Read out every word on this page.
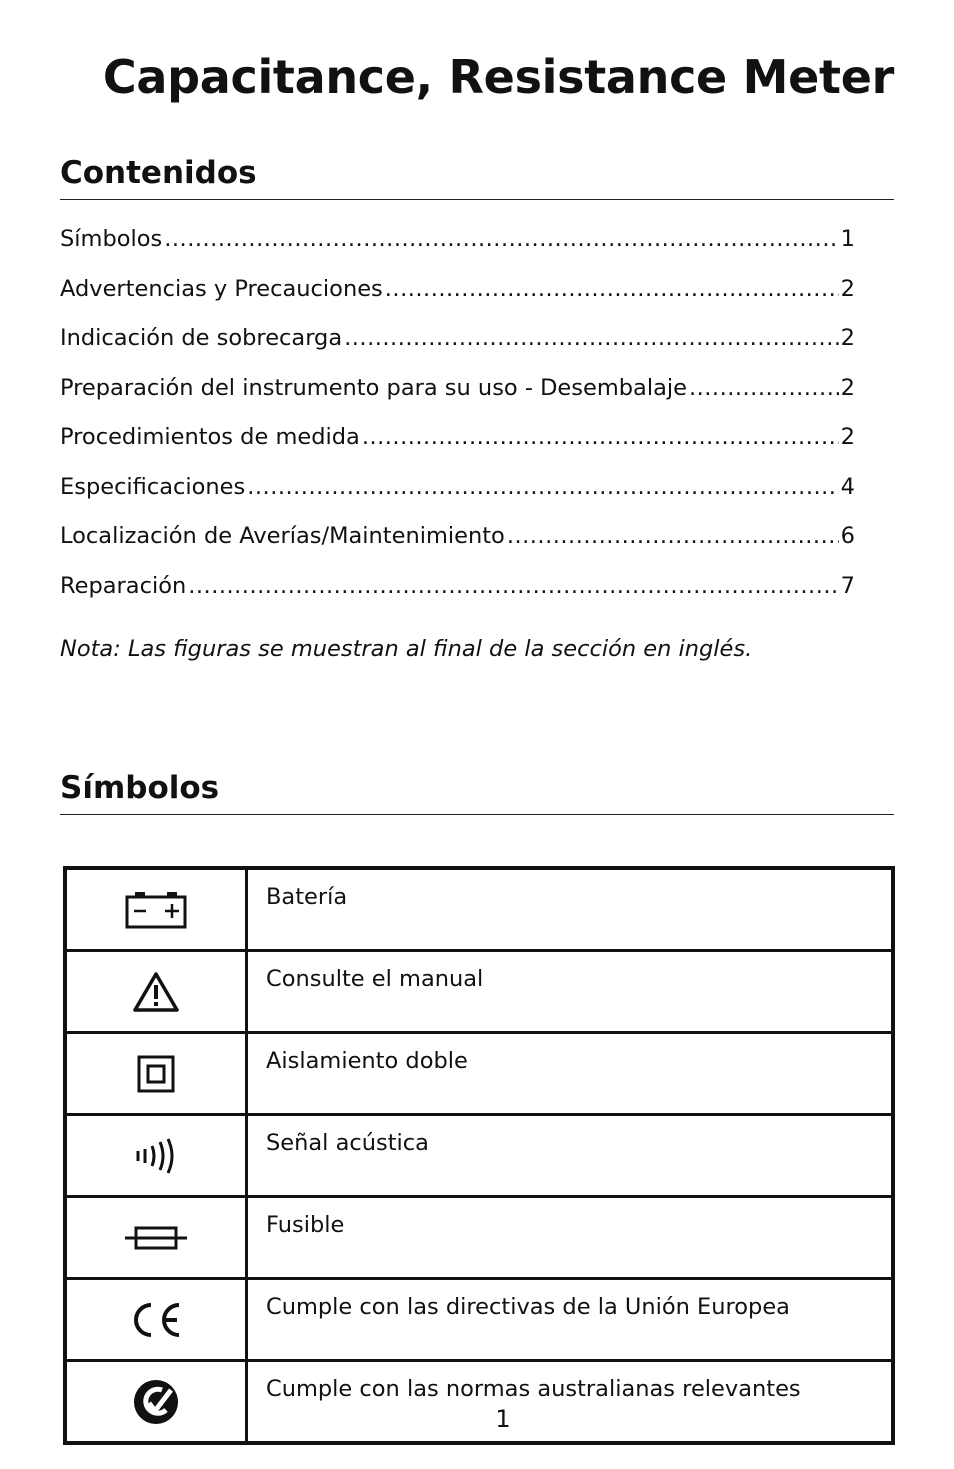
Capacitance, Resistance Meter
Contenidos
Símbolos .....	1
Advertencias y Precauciones .....	2
Indicación de sobrecarga .....	2
Preparación del instrumento para su uso - Desembalaje .....	2
Procedimientos de medida .....	2
Especificaciones .....	4
Localización de Averías/Maintenimiento .....	6
Reparación .....	7

Nota: Las figuras se muestran al final de la sección en inglés.

Símbolos
	Batería
	Consulte el manual
	Aislamiento doble
	Señal acústica
	Fusible
	Cumple con las directivas de la Unión Europea
	Cumple con las normas australianas relevantes

1
